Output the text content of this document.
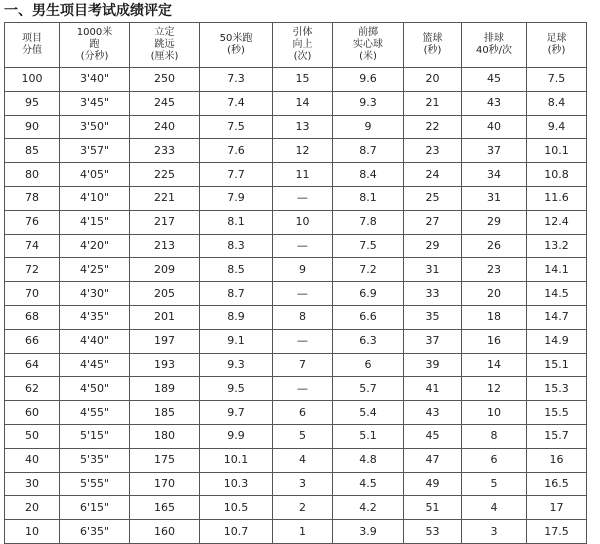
一、男生项目考试成绩评定
项目
分值	1000米
跑
(分秒)	立定
跳远
(厘米)	50米跑
(秒)	引体
向上
(次)	前掷
实心球
(米)	篮球
(秒)	排球
40秒/次	足球
(秒)

100	3'40"	250	7.3	15	9.6	20	45	7.5
95	3'45"	245	7.4	14	9.3	21	43	8.4
90	3'50"	240	7.5	13	9	22	40	9.4
85	3'57"	233	7.6	12	8.7	23	37	10.1
80	4'05"	225	7.7	11	8.4	24	34	10.8
78	4'10"	221	7.9	—	8.1	25	31	11.6
76	4'15"	217	8.1	10	7.8	27	29	12.4
74	4'20"	213	8.3	—	7.5	29	26	13.2
72	4'25"	209	8.5	9	7.2	31	23	14.1
70	4'30"	205	8.7	—	6.9	33	20	14.5
68	4'35"	201	8.9	8	6.6	35	18	14.7
66	4'40"	197	9.1	—	6.3	37	16	14.9
64	4'45"	193	9.3	7	6	39	14	15.1
62	4'50"	189	9.5	—	5.7	41	12	15.3
60	4'55"	185	9.7	6	5.4	43	10	15.5
50	5'15"	180	9.9	5	5.1	45	8	15.7
40	5'35"	175	10.1	4	4.8	47	6	16
30	5'55"	170	10.3	3	4.5	49	5	16.5
20	6'15"	165	10.5	2	4.2	51	4	17
10	6'35"	160	10.7	1	3.9	53	3	17.5
